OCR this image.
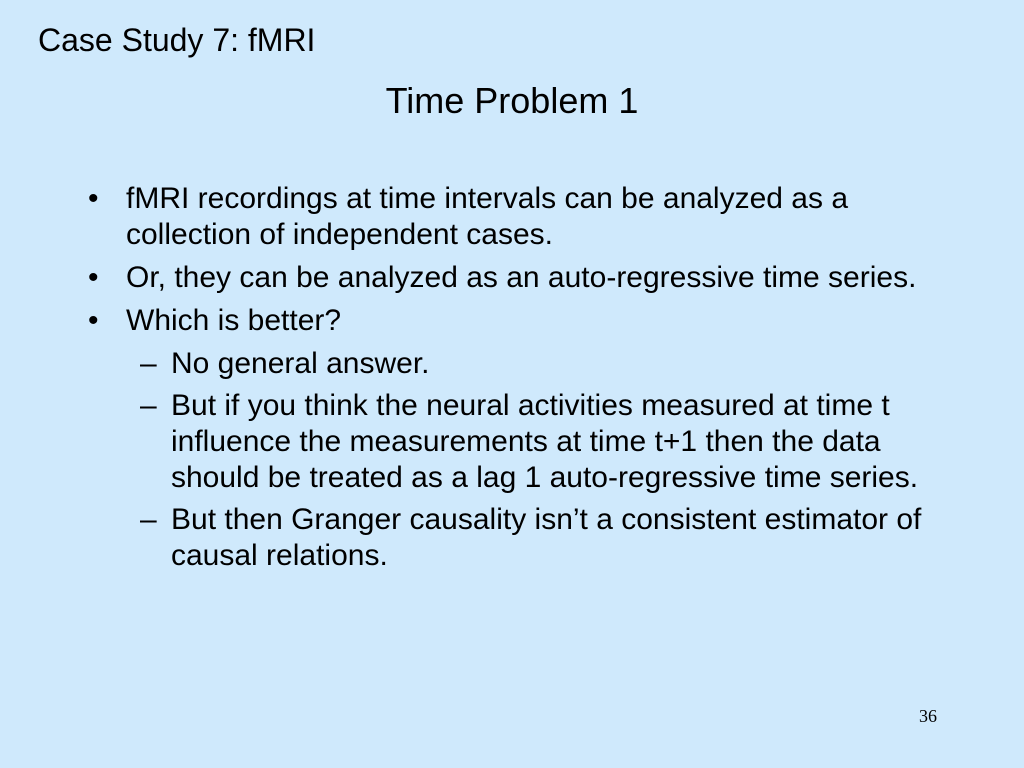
Case Study 7: fMRI
Time Problem 1
• fMRI recordings at time intervals can be analyzed as a collection of independent cases.
• Or, they can be analyzed as an auto-regressive time series.
• Which is better?
– No general answer.
– But if you think the neural activities measured at time t influence the measurements at time t+1 then the data should be treated as a lag 1 auto-regressive time series.
– But then Granger causality isn’t a consistent estimator of causal relations.
36
